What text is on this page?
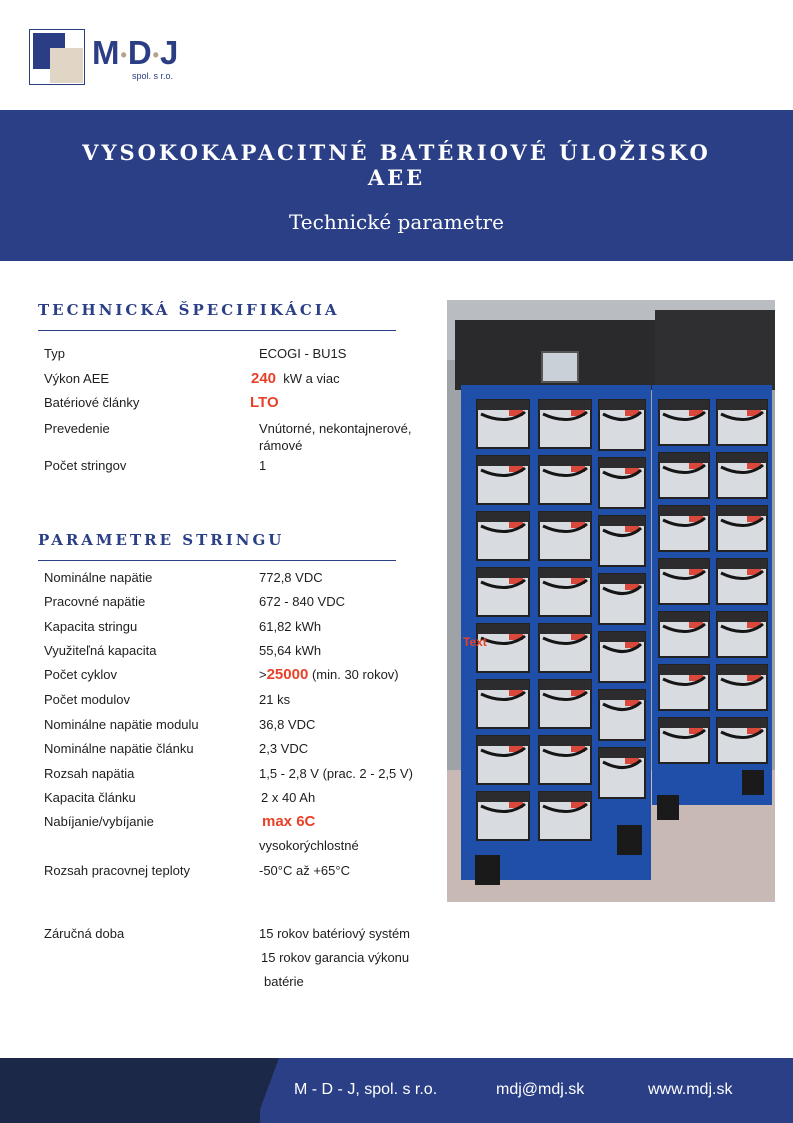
M•D•J
spol. s r.o.
VYSOKOKAPACITNÉ BATÉRIOVÉ ÚLOŽISKO
AEE
Technické parametre
TECHNICKÁ ŠPECIFIKÁCIA
Typ	ECOGI - BU1S
Výkon AEE	240 kW a viac
Batériové články	LTO
Prevedenie	Vnútorné, nekontajnerové,
rámové
Počet stringov	1
PARAMETRE STRINGU
Nominálne napätie	772,8 VDC
Pracovné napätie	672 - 840 VDC
Kapacita stringu	61,82 kWh
Využiteľná kapacita	55,64 kWh
Počet cyklov	>25000 (min. 30 rokov)
Počet modulov	21 ks
Nominálne napätie modulu	36,8 VDC
Nominálne napätie článku	2,3 VDC
Rozsah napätia	1,5 - 2,8 V (prac. 2 - 2,5 V)
Kapacita článku	2 x 40 Ah
Nabíjanie/vybíjanie	max 6C
vysokorýchlostné
Rozsah pracovnej teploty	-50°C až +65°C
Záručná doba	15 rokov batériový systém
15 rokov garancia výkonu
batérie
Text
M - D - J, spol. s r.o.	mdj@mdj.sk	www.mdj.sk
